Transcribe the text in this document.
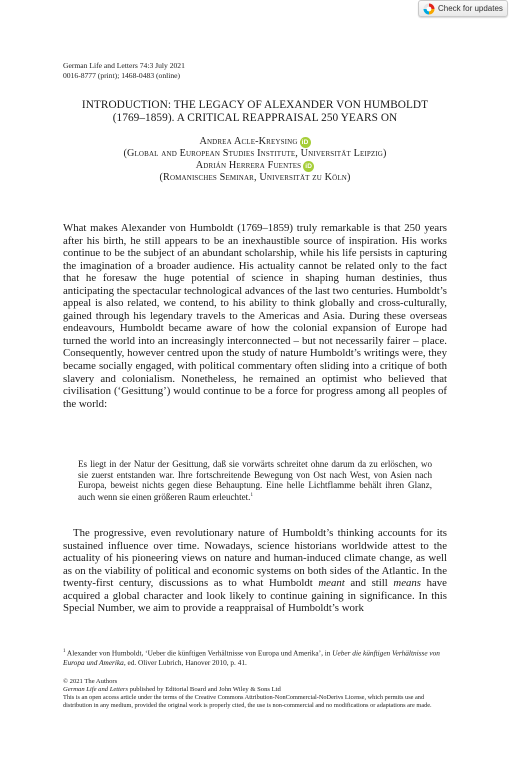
Check for updates
German Life and Letters 74:3 July 2021
0016-8777 (print); 1468-0483 (online)
INTRODUCTION: THE LEGACY OF ALEXANDER VON HUMBOLDT
(1769–1859). A CRITICAL REAPPRAISAL 250 YEARS ON
Andrea Acle-Kreysing iD
(Global and European Studies Institute, Universität Leipzig)
Adrián Herrera Fuentes iD
(Romanisches Seminar, Universität zu Köln)

What makes Alexander von Humboldt (1769–1859) truly remarkable is that 250 years after his birth, he still appears to be an inexhaustible source of inspiration. His works continue to be the subject of an abundant scholarship, while his life persists in capturing the imagination of a broader audience. His actuality cannot be related only to the fact that he foresaw the huge potential of science in shaping human destinies, thus anticipating the spectacular technological advances of the last two centuries. Humboldt’s appeal is also related, we contend, to his ability to think globally and cross-culturally, gained through his legendary travels to the Americas and Asia. During these overseas endeavours, Humboldt became aware of how the colonial expansion of Europe had turned the world into an increasingly interconnected – but not necessarily fairer – place. Consequently, however centred upon the study of nature Humboldt’s writings were, they became socially engaged, with political commentary often sliding into a critique of both slavery and colonialism. Nonetheless, he remained an optimist who believed that civilisation (‘Gesittung’) would continue to be a force for progress among all peoples of the world:

Es liegt in der Natur der Gesittung, daß sie vorwärts schreitet ohne darum da zu erlöschen, wo sie zuerst entstanden war. Ihre fortschreitende Bewegung von Ost nach West, von Asien nach Europa, beweist nichts gegen diese Behauptung. Eine helle Lichtflamme behält ihren Glanz, auch wenn sie einen größeren Raum erleuchtet.$^1$

The progressive, even revolutionary nature of Humboldt’s thinking accounts for its sustained influence over time. Nowadays, science historians worldwide attest to the actuality of his pioneering views on nature and human-induced climate change, as well as on the viability of political and economic systems on both sides of the Atlantic. In the twenty-first century, discussions as to what Humboldt meant and still means have acquired a global character and look likely to continue gaining in significance. In this Special Number, we aim to provide a reappraisal of Humboldt’s work

$^1$ Alexander von Humboldt, ‘Ueber die künftigen Verhältnisse von Europa und Amerika’, in Ueber die künftigen Verhältnisse von Europa und Amerika, ed. Oliver Lubrich, Hanover 2010, p. 41.
© 2021 The Authors
German Life and Letters published by Editorial Board and John Wiley & Sons Ltd
This is an open access article under the terms of the Creative Commons Attribution-NonCommercial-NoDerivs License, which permits use and distribution in any medium, provided the original work is properly cited, the use is non-commercial and no modifications or adaptations are made.
